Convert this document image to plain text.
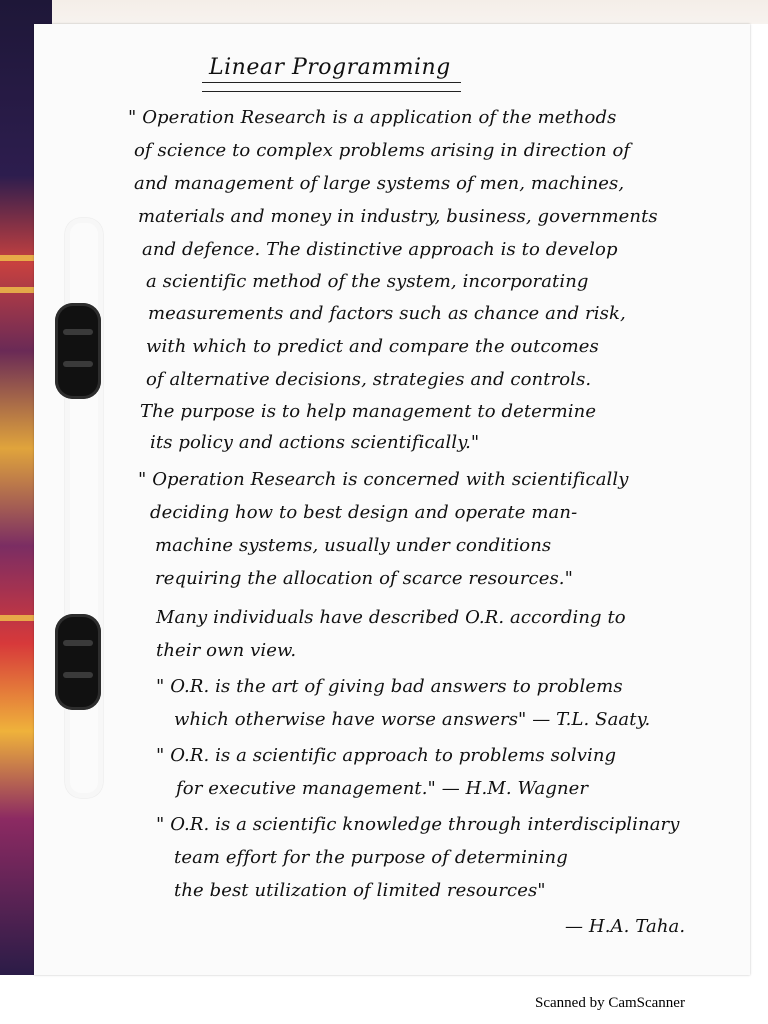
Linear Programming
" Operation Research is a application of the methods
of science to complex problems arising in direction of
and management of large systems of men, machines,
materials and money in industry, business, governments
and defence. The distinctive approach is to develop
a scientific method of the system, incorporating
measurements and factors such as chance and risk,
with which to predict and compare the outcomes
of alternative decisions, strategies and controls.
The purpose is to help management to determine
its policy and actions scientifically."
" Operation Research is concerned with scientifically
deciding how to best design and operate man-
machine systems, usually under conditions
requiring the allocation of scarce resources."
Many individuals have described O.R. according to
their own view.
" O.R. is the art of giving bad answers to problems
which otherwise have worse answers" — T.L. Saaty.
" O.R. is a scientific approach to problems solving
for executive management." — H.M. Wagner
" O.R. is a scientific knowledge through interdisciplinary
team effort for the purpose of determining
the best utilization of limited resources"
— H.A. Taha.
Scanned by CamScanner
